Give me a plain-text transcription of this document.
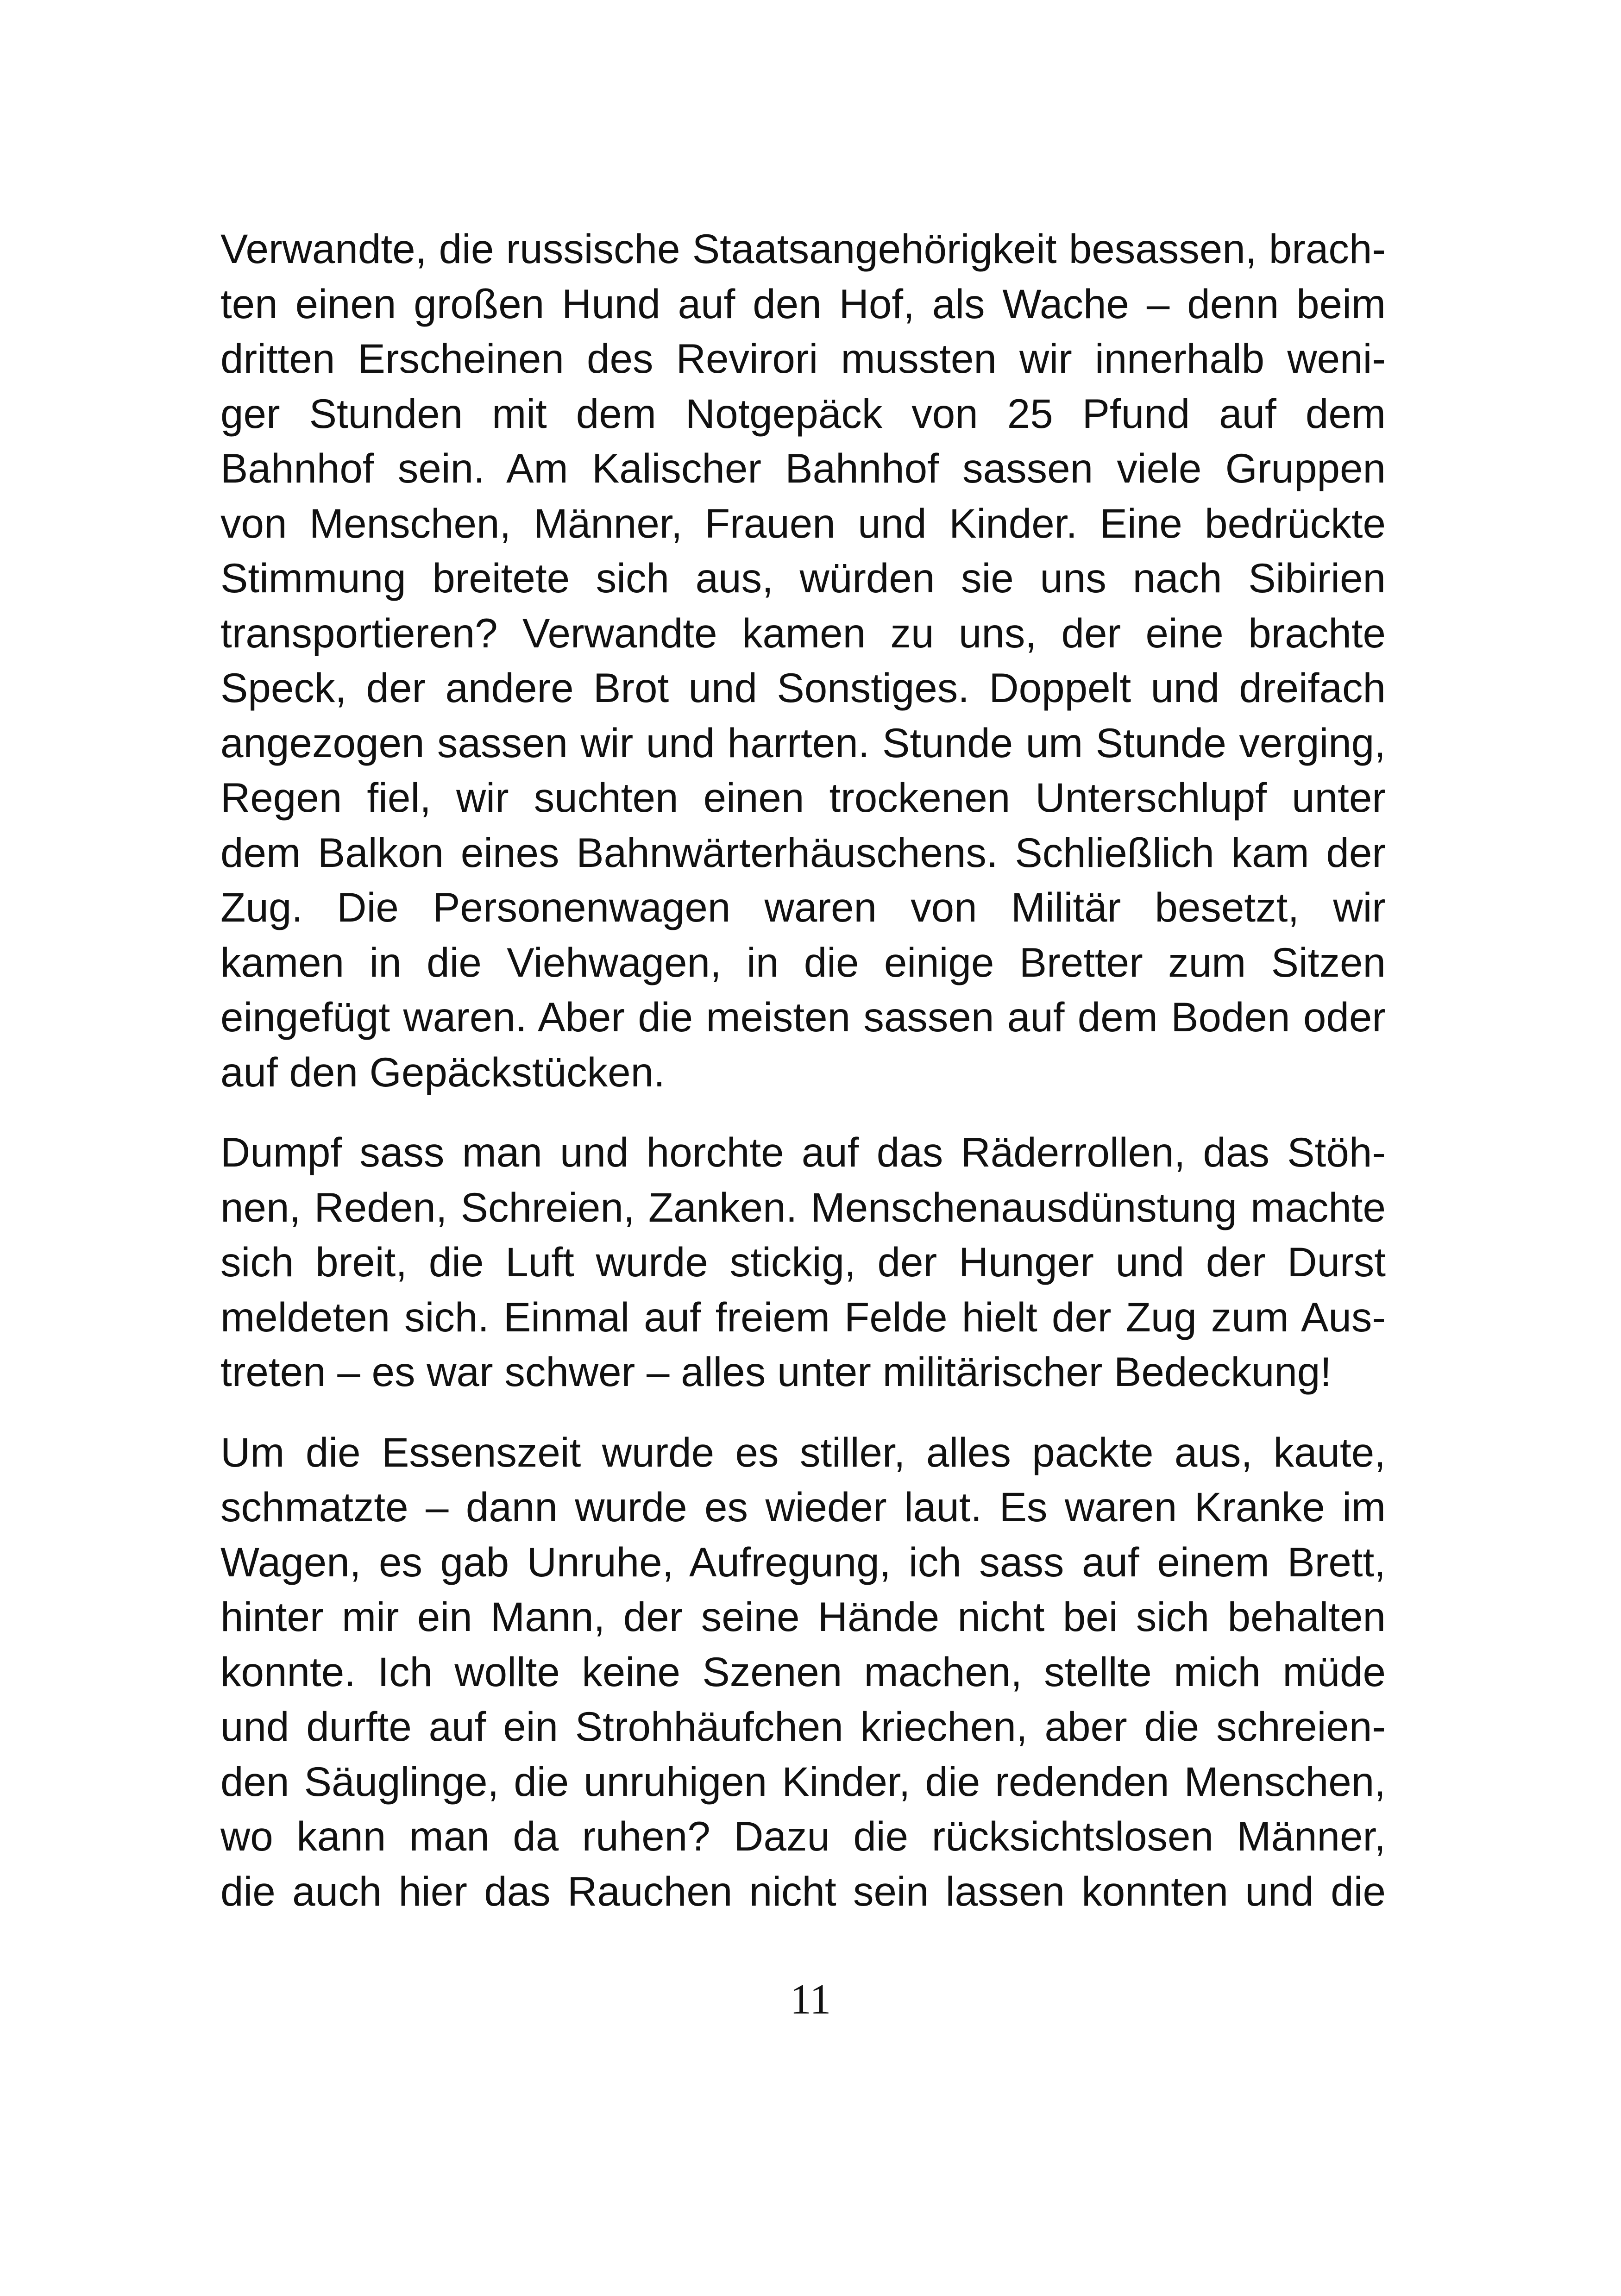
Verwandte, die russische Staatsangehörigkeit besassen, brach-
ten einen großen Hund auf den Hof, als Wache – denn beim
dritten Erscheinen des Revirori mussten wir innerhalb weni-
ger Stunden mit dem Notgepäck von 25 Pfund auf dem
Bahnhof sein. Am Kalischer Bahnhof sassen viele Gruppen
von Menschen, Männer, Frauen und Kinder. Eine bedrückte
Stimmung breitete sich aus, würden sie uns nach Sibirien
transportieren? Verwandte kamen zu uns, der eine brachte
Speck, der andere Brot und Sonstiges. Doppelt und dreifach
angezogen sassen wir und harrten. Stunde um Stunde verging,
Regen fiel, wir suchten einen trockenen Unterschlupf unter
dem Balkon eines Bahnwärterhäuschens. Schließlich kam der
Zug. Die Personenwagen waren von Militär besetzt, wir
kamen in die Viehwagen, in die einige Bretter zum Sitzen
eingefügt waren. Aber die meisten sassen auf dem Boden oder
auf den Gepäckstücken.

Dumpf sass man und horchte auf das Räderrollen, das Stöh-
nen, Reden, Schreien, Zanken. Menschenausdünstung machte
sich breit, die Luft wurde stickig, der Hunger und der Durst
meldeten sich. Einmal auf freiem Felde hielt der Zug zum Aus-
treten – es war schwer – alles unter militärischer Bedeckung!

Um die Essenszeit wurde es stiller, alles packte aus, kaute,
schmatzte – dann wurde es wieder laut. Es waren Kranke im
Wagen, es gab Unruhe, Aufregung, ich sass auf einem Brett,
hinter mir ein Mann, der seine Hände nicht bei sich behalten
konnte. Ich wollte keine Szenen machen, stellte mich müde
und durfte auf ein Strohhäufchen kriechen, aber die schreien-
den Säuglinge, die unruhigen Kinder, die redenden Menschen,
wo kann man da ruhen? Dazu die rücksichtslosen Männer,
die auch hier das Rauchen nicht sein lassen konnten und die

11
